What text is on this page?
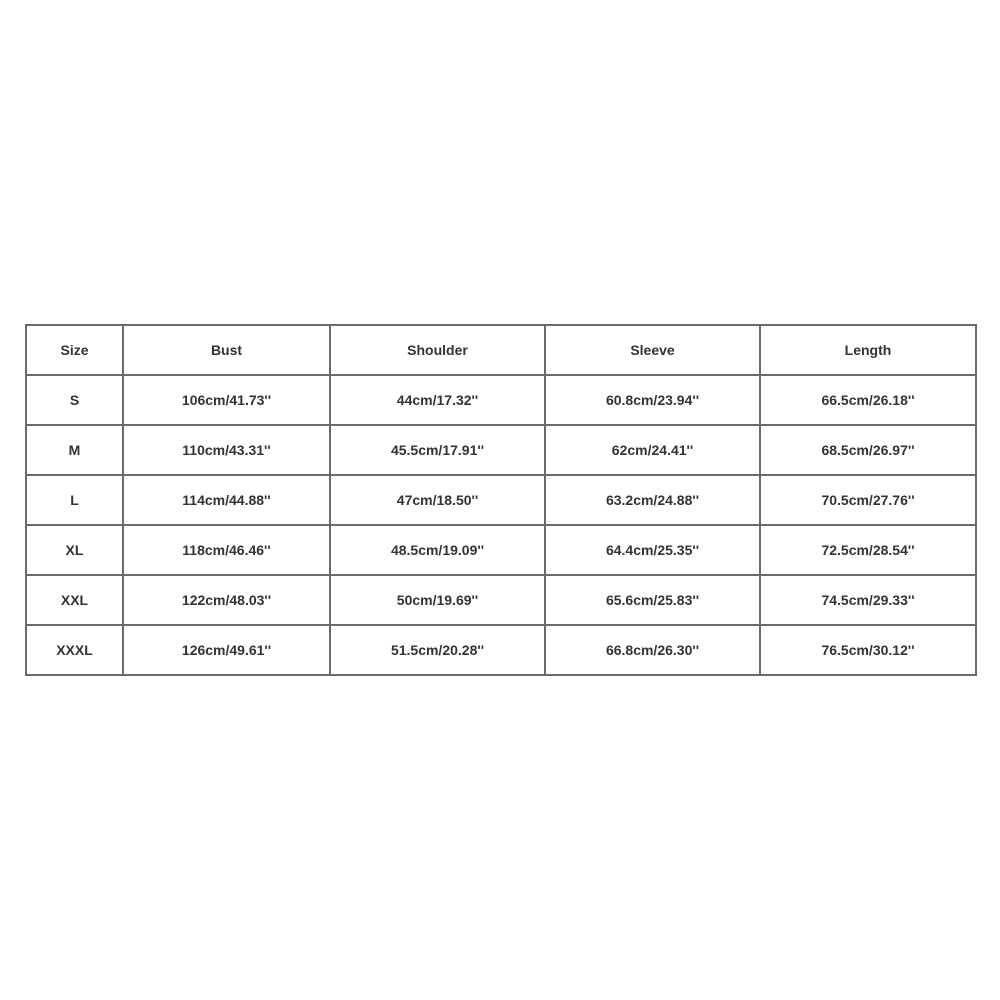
Size	Bust	Shoulder	Sleeve	Length
S	106cm/41.73''	44cm/17.32''	60.8cm/23.94''	66.5cm/26.18''
M	110cm/43.31''	45.5cm/17.91''	62cm/24.41''	68.5cm/26.97''
L	114cm/44.88''	47cm/18.50''	63.2cm/24.88''	70.5cm/27.76''
XL	118cm/46.46''	48.5cm/19.09''	64.4cm/25.35''	72.5cm/28.54''
XXL	122cm/48.03''	50cm/19.69''	65.6cm/25.83''	74.5cm/29.33''
XXXL	126cm/49.61''	51.5cm/20.28''	66.8cm/26.30''	76.5cm/30.12''
